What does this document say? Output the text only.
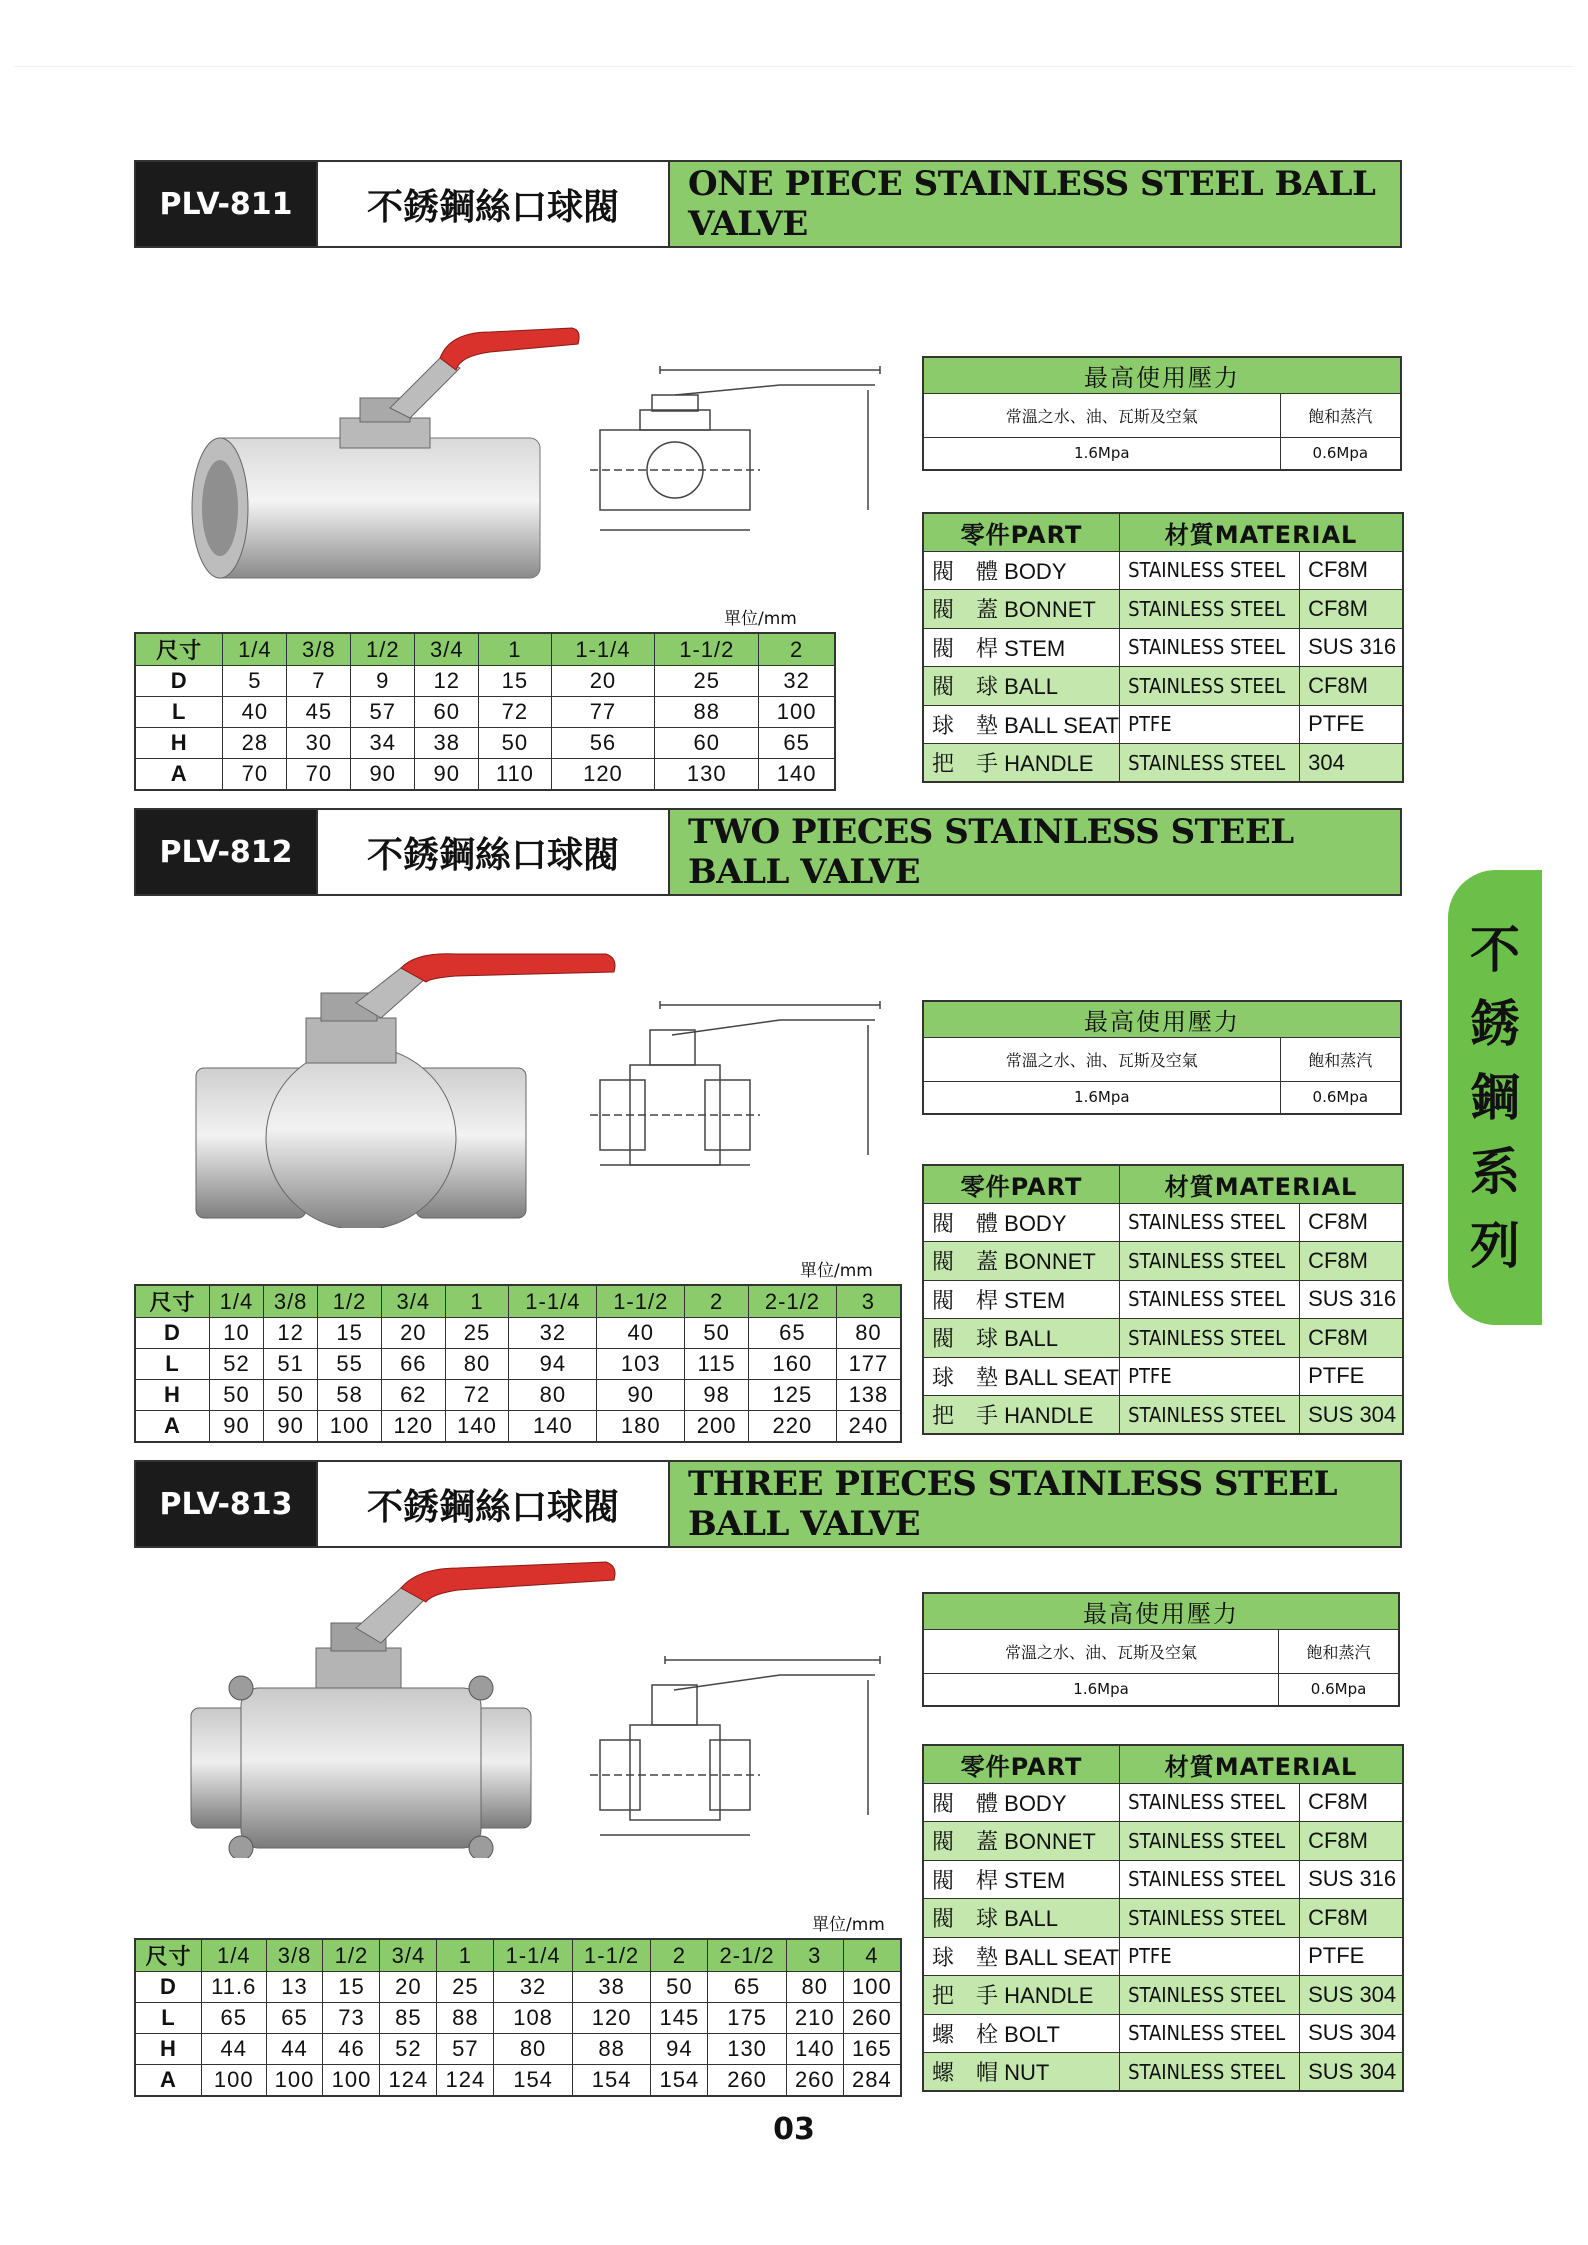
PLV-811	不銹鋼絲口球閥
ONE PIECE STAINLESS STEEL BALL VALVE
最高使用壓力	
常溫之水、油、瓦斯及空氣	飽和蒸汽
1.6Mpa	0.6Mpa
零件PART	材質MATERIAL	
閥　體 BODY	STAINLESS STEEL	CF8M
閥　蓋 BONNET	STAINLESS STEEL	CF8M
閥　桿 STEM	STAINLESS STEEL	SUS 316
閥　球 BALL	STAINLESS STEEL	CF8M
球　墊 BALL SEAT	PTFE	PTFE
把　手 HANDLE	STAINLESS STEEL	304
單位/mm
尺寸	1/4	3/8	1/2	3/4	1	1-1/4	1-1/2	2
D	5	7	9	12	15	20	25	32
L	40	45	57	60	72	77	88	100
H	28	30	34	38	50	56	60	65
A	70	70	90	90	110	120	130	140
PLV-812	不銹鋼絲口球閥
TWO PIECES STAINLESS STEEL BALL VALVE
最高使用壓力	
常溫之水、油、瓦斯及空氣	飽和蒸汽
1.6Mpa	0.6Mpa
零件PART	材質MATERIAL	
閥　體 BODY	STAINLESS STEEL	CF8M
閥　蓋 BONNET	STAINLESS STEEL	CF8M
閥　桿 STEM	STAINLESS STEEL	SUS 316
閥　球 BALL	STAINLESS STEEL	CF8M
球　墊 BALL SEAT	PTFE	PTFE
把　手 HANDLE	STAINLESS STEEL	SUS 304
單位/mm
尺寸	1/4	3/8	1/2	3/4	1	1-1/4	1-1/2	2	2-1/2	3
D	10	12	15	20	25	32	40	50	65	80
L	52	51	55	66	80	94	103	115	160	177
H	50	50	58	62	72	80	90	98	125	138
A	90	90	100	120	140	140	180	200	220	240
PLV-813	不銹鋼絲口球閥
THREE PIECES STAINLESS STEEL BALL VALVE
最高使用壓力	
常溫之水、油、瓦斯及空氣	飽和蒸汽
1.6Mpa	0.6Mpa
零件PART	材質MATERIAL	
閥　體 BODY	STAINLESS STEEL	CF8M
閥　蓋 BONNET	STAINLESS STEEL	CF8M
閥　桿 STEM	STAINLESS STEEL	SUS 316
閥　球 BALL	STAINLESS STEEL	CF8M
球　墊 BALL SEAT	PTFE	PTFE
把　手 HANDLE	STAINLESS STEEL	SUS 304
螺　栓 BOLT	STAINLESS STEEL	SUS 304
螺　帽 NUT	STAINLESS STEEL	SUS 304
單位/mm
尺寸	1/4	3/8	1/2	3/4	1	1-1/4	1-1/2	2	2-1/2	3	4
D	11.6	13	15	20	25	32	38	50	65	80	100
L	65	65	73	85	88	108	120	145	175	210	260
H	44	44	46	52	57	80	88	94	130	140	165
A	100	100	100	124	124	154	154	154	260	260	284
不
銹
鋼
系
列
03
